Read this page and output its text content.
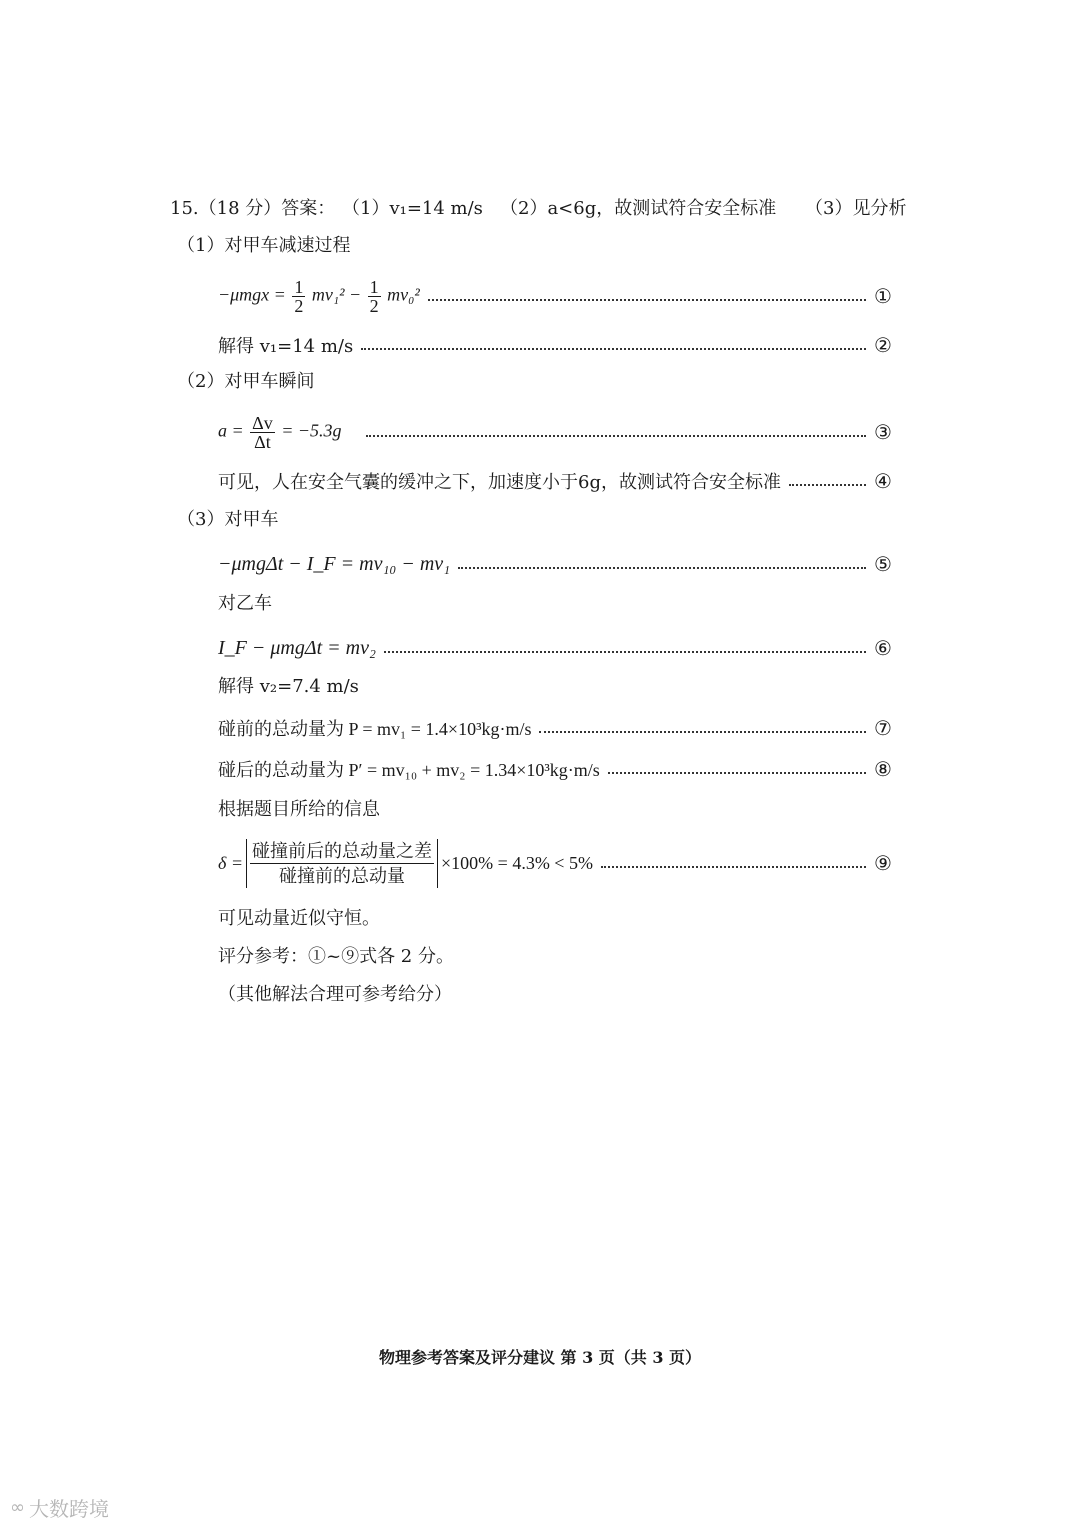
15.（18 分）答案： （1）v₁=14 m/s （2）a<6g，故测试符合安全标准 （3）见分析
（1）对甲车减速过程
$-\mu mgx = \frac{1}{2} mv_1^2 - \frac{1}{2} mv_0^2$	①
解得 v₁=14 m/s	②
（2）对甲车瞬间
$a = \frac{\Delta v}{\Delta t} = -5.3g$	③
可见，人在安全气囊的缓冲之下，加速度小于6g，故测试符合安全标准	④
（3）对甲车
−μmgΔt − I_F = mv₁₀ − mv₁	⑤
对乙车
I_F − μmgΔt = mv₂	⑥
解得 v₂=7.4 m/s
碰前的总动量为 P = mv₁ = 1.4×10³kg·m/s	⑦
碰后的总动量为 P′ = mv₁₀ + mv₂ = 1.34×10³kg·m/s	⑧
根据题目所给的信息
$\delta = \frac{\text{碰撞前后的总动量之差}}{\text{碰撞前的总动量}} \times 100\% = 4.3\% < 5\%$	⑨
可见动量近似守恒。
评分参考：①~⑨式各 2 分。
（其他解法合理可参考给分）
物理参考答案及评分建议 第 3 页（共 3 页）
∞ 大数跨境
